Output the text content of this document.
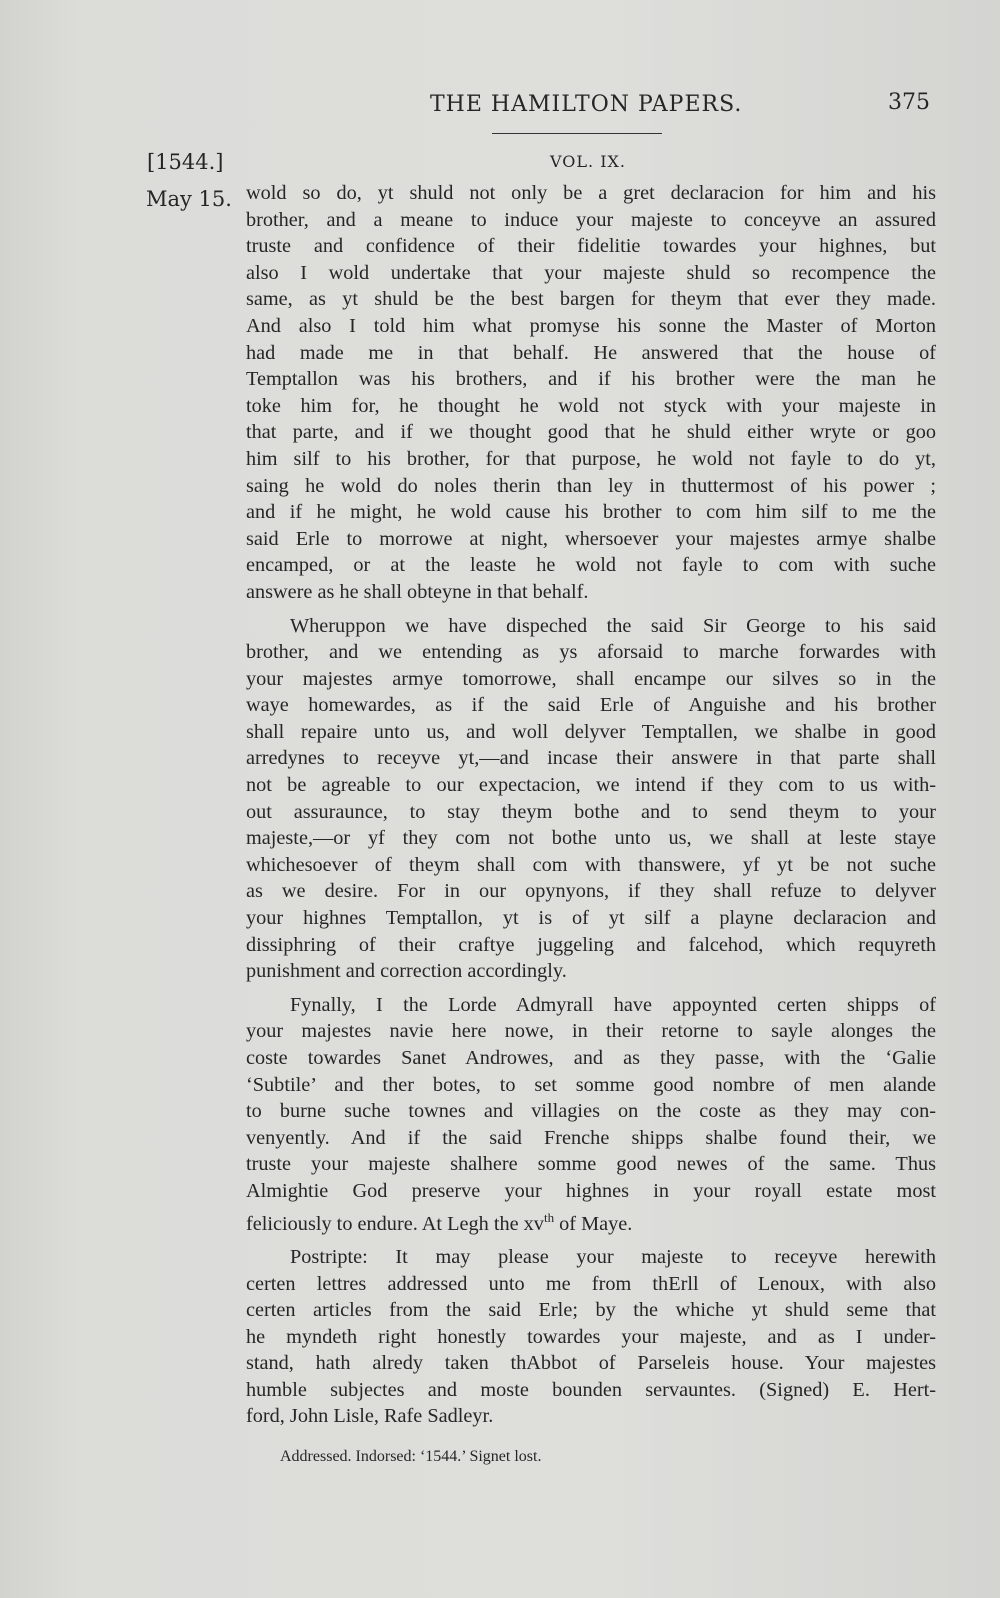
THE HAMILTON PAPERS.	375
[1544.]	VOL. IX.
May 15. wold so do, yt shuld not only be a gret declaracion for him and his
brother, and a meane to induce your majeste to conceyve an assured
truste and confidence of their fidelitie towardes your highnes, but
also I wold undertake that your majeste shuld so recompence the
same, as yt shuld be the best bargen for theym that ever they made.
And also I told him what promyse his sonne the Master of Morton
had made me in that behalf. He answered that the house of
Temptallon was his brothers, and if his brother were the man he
toke him for, he thought he wold not styck with your majeste in
that parte, and if we thought good that he shuld either wryte or goo
him silf to his brother, for that purpose, he wold not fayle to do yt,
saing he wold do noles therin than ley in thuttermost of his power ;
and if he might, he wold cause his brother to com him silf to me the
said Erle to morrowe at night, whersoever your majestes armye shalbe
encamped, or at the leaste he wold not fayle to com with suche
answere as he shall obteyne in that behalf.
Wheruppon we have dispeched the said Sir George to his said
brother, and we entending as ys aforsaid to marche forwardes with
your majestes armye tomorrowe, shall encampe our silves so in the
waye homewardes, as if the said Erle of Anguishe and his brother
shall repaire unto us, and woll delyver Temptallen, we shalbe in good
arredynes to receyve yt,—and incase their answere in that parte shall
not be agreable to our expectacion, we intend if they com to us with-
out assuraunce, to stay theym bothe and to send theym to your
majeste,—or yf they com not bothe unto us, we shall at leste staye
whichesoever of theym shall com with thanswere, yf yt be not suche
as we desire. For in our opynyons, if they shall refuze to delyver
your highnes Temptallon, yt is of yt silf a playne declaracion and
dissiphring of their craftye juggeling and falcehod, which requyreth
punishment and correction accordingly.
Fynally, I the Lorde Admyrall have appoynted certen shipps of
your majestes navie here nowe, in their retorne to sayle alonges the
coste towardes Sanet Androwes, and as they passe, with the ‘Galie
‘Subtile’ and ther botes, to set somme good nombre of men alande
to burne suche townes and villagies on the coste as they may con-
venyently. And if the said Frenche shipps shalbe found their, we
truste your majeste shalhere somme good newes of the same. Thus
Almightie God preserve your highnes in your royall estate most
feliciously to endure. At Legh the $xv^{th}$ of Maye.
Postripte: It may please your majeste to receyve herewith
certen lettres addressed unto me from thErll of Lenoux, with also
certen articles from the said Erle; by the whiche yt shuld seme that
he myndeth right honestly towardes your majeste, and as I under-
stand, hath alredy taken thAbbot of Parseleis house. Your majestes
humble subjectes and moste bounden servauntes. (Signed) E. Hert-
ford, John Lisle, Rafe Sadleyr.
Addressed. Indorsed: ‘1544.’ Signet lost.
